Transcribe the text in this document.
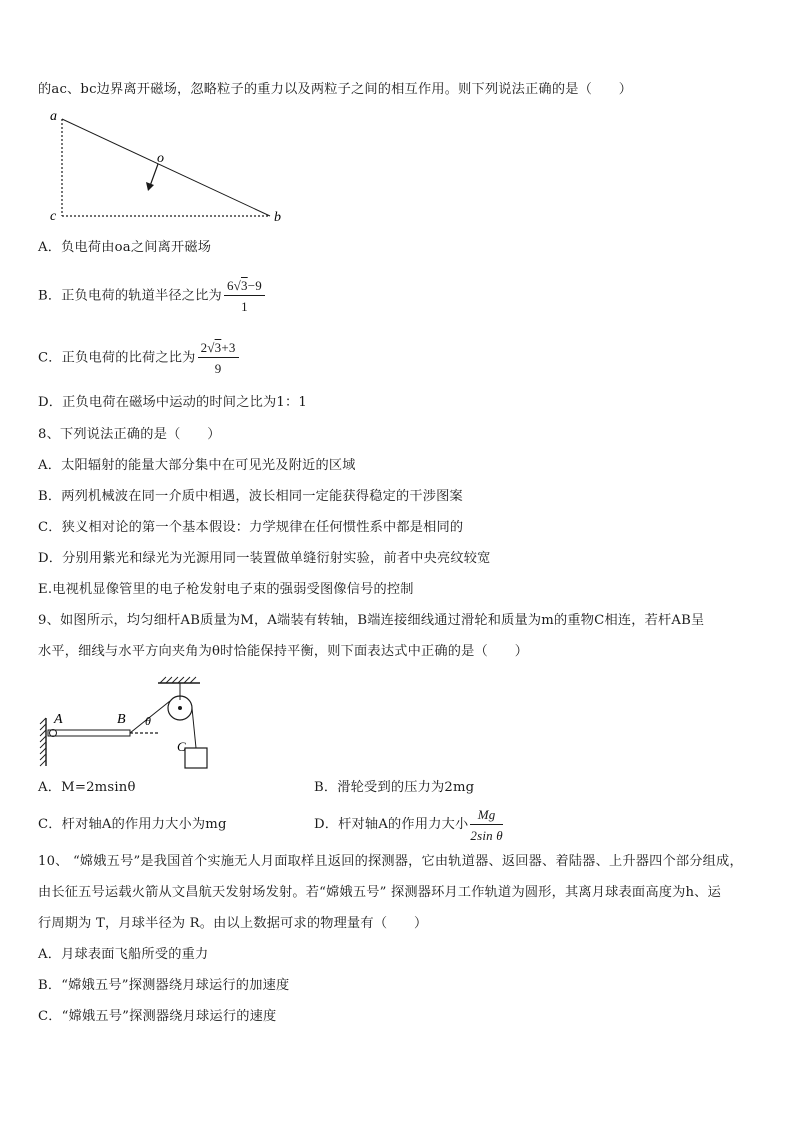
的ac、bc边界离开磁场，忽略粒子的重力以及两粒子之间的相互作用。则下列说法正确的是（　　）
a
c	b
o
A．负电荷由oa之间离开磁场
B．正负电荷的轨道半径之比为 $\frac{6√3-9}{1}$
C．正负电荷的比荷之比为 $\frac{2√3+3}{9}$
D．正负电荷在磁场中运动的时间之比为1：1
8、下列说法正确的是（　　）
A．太阳辐射的能量大部分集中在可见光及附近的区域
B．两列机械波在同一介质中相遇，波长相同一定能获得稳定的干涉图案
C．狭义相对论的第一个基本假设：力学规律在任何惯性系中都是相同的
D．分别用紫光和绿光为光源用同一装置做单缝衍射实验，前者中央亮纹较宽
E.电视机显像管里的电子枪发射电子束的强弱受图像信号的控制
9、如图所示，均匀细杆AB质量为M，A端装有转轴，B端连接细线通过滑轮和质量为m的重物C相连，若杆AB呈
水平，细线与水平方向夹角为θ时恰能保持平衡，则下面表达式中正确的是（　　）
A	B θ
C
A．M=2msinθ	B．滑轮受到的压力为2mg
C．杆对轴A的作用力大小为mg	D．杆对轴A的作用力大小 $\frac{Mg}{\text{2sin θ}}$
10、 “嫦娥五号”是我国首个实施无人月面取样且返回的探测器，它由轨道器、返回器、着陆器、上升器四个部分组成，
由长征五号运载火箭从文昌航天发射场发射。若“嫦娥五号” 探测器环月工作轨道为圆形，其离月球表面高度为h、运
行周期为 T，月球半径为 R。由以上数据可求的物理量有（　　）
A．月球表面飞船所受的重力
B．“嫦娥五号”探测器绕月球运行的加速度
C．“嫦娥五号”探测器绕月球运行的速度
